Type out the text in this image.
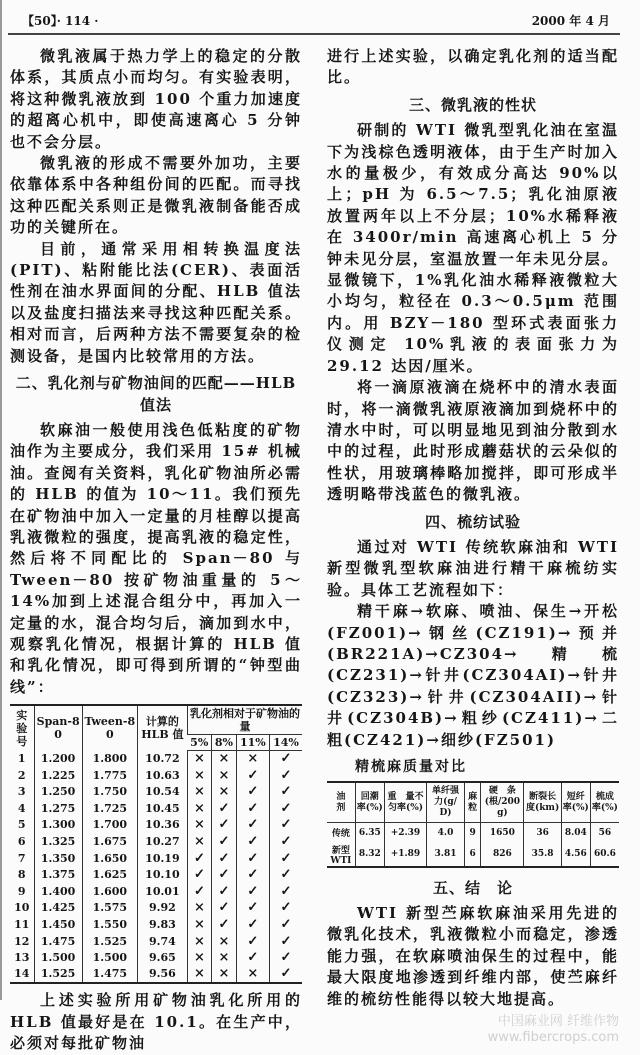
【50】· 114 ·	2000 年 4 月

微乳液属于热力学上的稳定的分散体系，其质点小而均匀。有实验表明，将这种微乳液放到 100 个重力加速度的超离心机中，即使高速离心 5 分钟也不会分层。

微乳液的形成不需要外加功，主要依靠体系中各种组份间的匹配。而寻找这种匹配关系则正是微乳液制备能否成功的关键所在。

目前，通常采用相转换温度法(PIT)、粘附能比法(CER)、表面活性剂在油水界面间的分配、HLB 值法以及盐度扫描法来寻找这种匹配关系。相对而言，后两种方法不需要复杂的检测设备，是国内比较常用的方法。

二、乳化剂与矿物油间的匹配——HLB 值法

软麻油一般使用浅色低粘度的矿物油作为主要成分，我们采用 15# 机械油。查阅有关资料，乳化矿物油所必需的 HLB 的值为 10～11。我们预先在矿物油中加入一定量的月桂醇以提高乳液微粒的强度，提高乳液的稳定性，然后将不同配比的 Span－80 与 Tween－80 按矿物油重量的 5～14%加到上述混合组分中，再加入一定量的水，混合均匀后，滴加到水中，观察乳化情况，根据计算的 HLB 值和乳化情况，即可得到所谓的“钟型曲线”：

实验号	Span-80	Tween-80	计算的 HLB 值	乳化剂相对于矿物油的量			
				5%	8%	11%	14%
1	1.200	1.800	10.72	×	×	×	✓
2	1.225	1.775	10.63	×	×	✓	✓
3	1.250	1.750	10.54	×	×	✓	✓
4	1.275	1.725	10.45	×	✓	✓	✓
5	1.300	1.700	10.36	×	✓	✓	✓
6	1.325	1.675	10.27	×	✓	✓	✓
7	1.350	1.650	10.19	✓	✓	✓	✓
8	1.375	1.625	10.10	✓	✓	✓	✓
9	1.400	1.600	10.01	✓	✓	✓	✓
10	1.425	1.575	9.92	×	✓	✓	✓
11	1.450	1.550	9.83	×	✓	✓	✓
12	1.475	1.525	9.74	×	×	✓	✓
13	1.500	1.500	9.65	×	×	✓	✓
14	1.525	1.475	9.56	×	×	×	✓

上述实验所用矿物油乳化所用的 HLB 值最好是在 10.1。在生产中，必须对每批矿物油

进行上述实验，以确定乳化剂的适当配比。

三、微乳液的性状

研制的 WTI 微乳型乳化油在室温下为浅棕色透明液体，由于生产时加入水的量极少，有效成分高达 90%以上；pH 为 6.5～7.5；乳化油原液放置两年以上不分层；10%水稀释液在 3400r/min 高速离心机上 5 分钟未见分层，室温放置一年未见分层。显微镜下，1%乳化油水稀释液微粒大小均匀，粒径在 0.3～0.5μm 范围内。用 BZY－180 型环式表面张力仪测定 10%乳液的表面张力为 29.12 达因/厘米。

将一滴原液滴在烧杯中的清水表面时，将一滴微乳液原液滴加到烧杯中的清水中时，可以明显地见到油分散到水中的过程，此时形成蘑菇状的云朵似的性状，用玻璃棒略加搅拌，即可形成半透明略带浅蓝色的微乳液。

四、梳纺试验

通过对 WTI 传统软麻油和 WTI 新型微乳型软麻油进行精干麻梳纺实验。具体工艺流程如下：

精干麻→软麻、喷油、保生→开松(FZ001)→钢丝(CZ191)→预并(BR221A)→CZ304→精梳(CZ231)→针井(CZ304AI)→针井(CZ323)→针井(CZ304AII)→针井(CZ304B)→粗纱(CZ411)→二粗(CZ421)→细纱(FZ501)

精梳麻质量对比
油　剂	回潮率(%)	重　量不匀率(%)	单纤强力(g/D)	麻粒	硬　条(根/200g)	断裂长度(km)	短纤率(%)	梳成率(%)
传统	6.35	+2.39	4.0	9	1650	36	8.04	56
新型 WTI	8.32	+1.89	3.81	6	826	35.8	4.56	60.6
五、结　论

WTI 新型苎麻软麻油采用先进的微乳化技术，乳液微粒小而稳定，渗透能力强，在软麻喷油保生的过程中，能最大限度地渗透到纤维内部，使苎麻纤维的梳纺性能得以较大地提高。

中国麻业网 纤维作物
www.fibercrops.com
